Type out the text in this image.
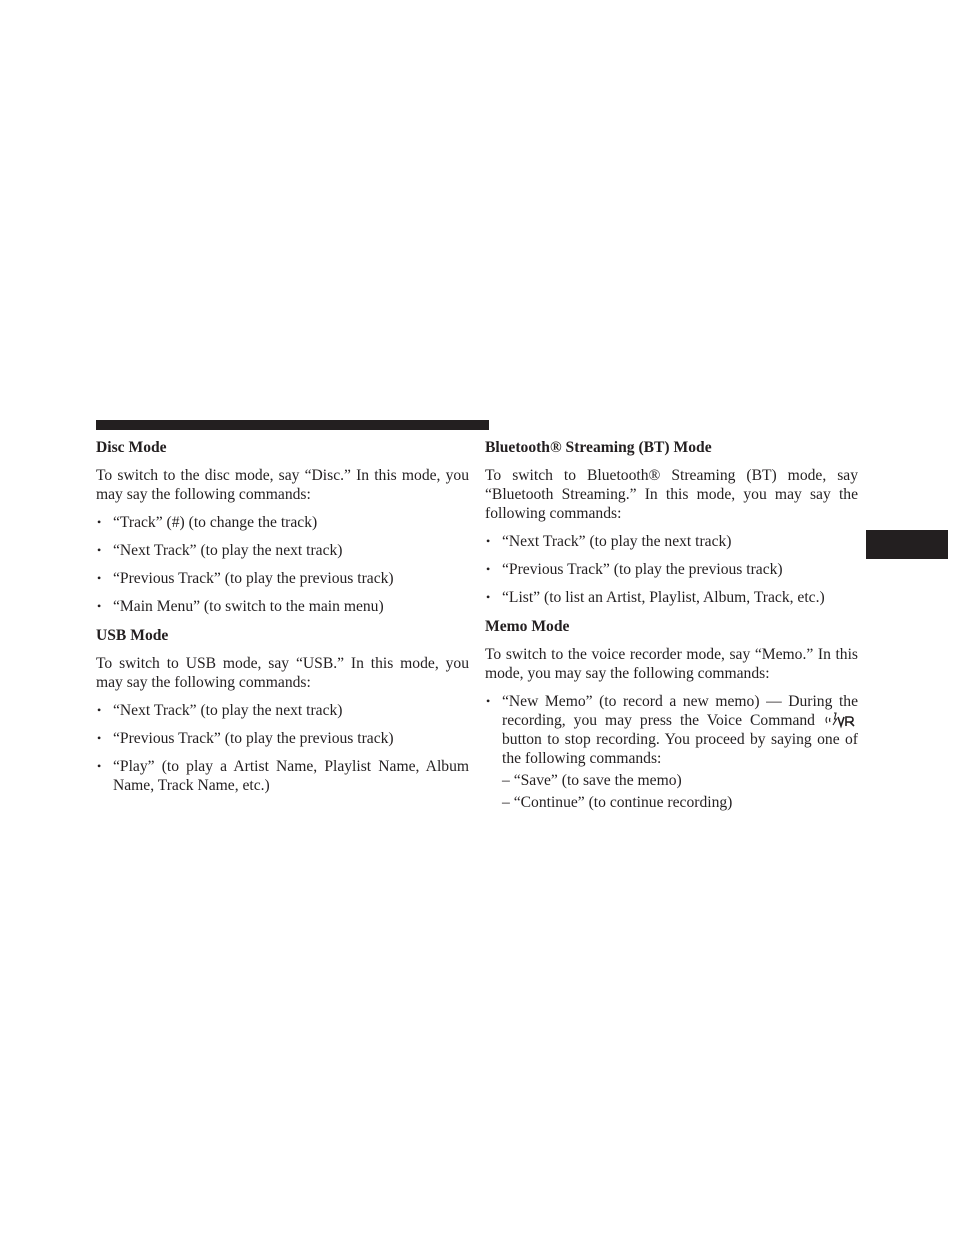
Disc Mode
To switch to the disc mode, say “Disc.” In this mode, you may say the following commands:
• “Track” (#) (to change the track)
• “Next Track” (to play the next track)
• “Previous Track” (to play the previous track)
• “Main Menu” (to switch to the main menu)
USB Mode
To switch to USB mode, say “USB.” In this mode, you may say the following commands:
• “Next Track” (to play the next track)
• “Previous Track” (to play the previous track)
• “Play” (to play a Artist Name, Playlist Name, Album Name, Track Name, etc.)
Bluetooth® Streaming (BT) Mode
To switch to Bluetooth® Streaming (BT) mode, say “Bluetooth Streaming.” In this mode, you may say the following commands:
• “Next Track” (to play the next track)
• “Previous Track” (to play the previous track)
• “List” (to list an Artist, Playlist, Album, Track, etc.)
Memo Mode
To switch to the voice recorder mode, say “Memo.” In this mode, you may say the following commands:
• “New Memo” (to record a new memo) — During the recording, you may press the Voice Command button to stop recording. You proceed by saying one of the following commands:
– “Save” (to save the memo)
– “Continue” (to continue recording)
